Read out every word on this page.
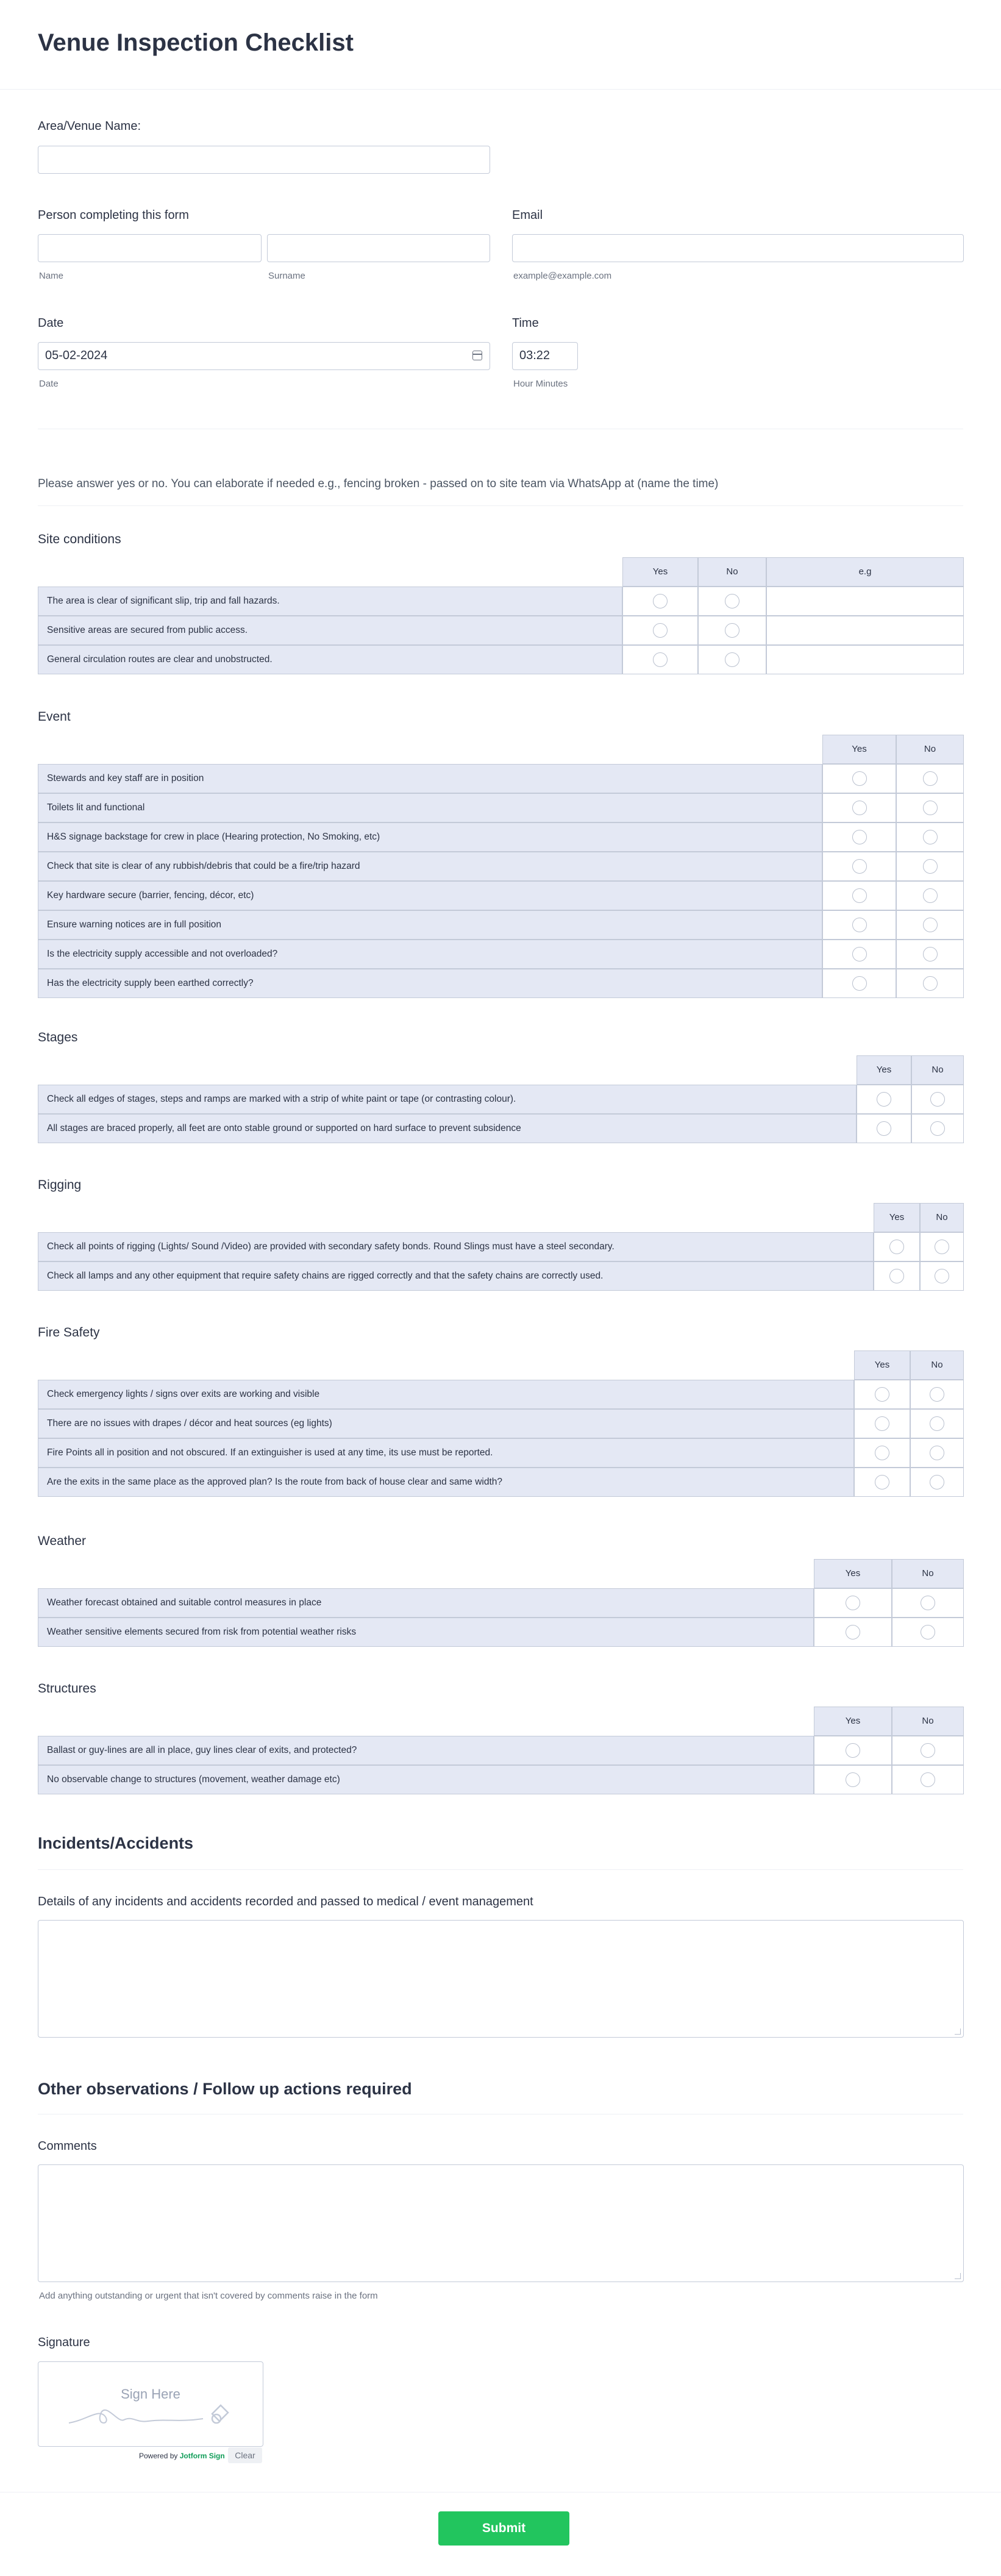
Venue Inspection Checklist
Area/Venue Name:
Person completing this form
Name	Surname
Email
example@example.com
Date
05-02-2024
Date
Time
03:22
Hour Minutes
Please answer yes or no. You can elaborate if needed e.g., fencing broken - passed on to site team via WhatsApp at (name the time)
Site conditions
Yes	No	e.g
The area is clear of significant slip, trip and fall hazards.
Sensitive areas are secured from public access.
General circulation routes are clear and unobstructed.
Event
Yes	No
Stewards and key staff are in position
Toilets lit and functional
H&S signage backstage for crew in place (Hearing protection, No Smoking, etc)
Check that site is clear of any rubbish/debris that could be a fire/trip hazard
Key hardware secure (barrier, fencing, décor, etc)
Ensure warning notices are in full position
Is the electricity supply accessible and not overloaded?
Has the electricity supply been earthed correctly?
Stages
Yes	No
Check all edges of stages, steps and ramps are marked with a strip of white paint or tape (or contrasting colour).
All stages are braced properly, all feet are onto stable ground or supported on hard surface to prevent subsidence
Rigging
Yes	No
Check all points of rigging (Lights/ Sound /Video) are provided with secondary safety bonds. Round Slings must have a steel secondary.
Check all lamps and any other equipment that require safety chains are rigged correctly and that the safety chains are correctly used.
Fire Safety
Yes	No
Check emergency lights / signs over exits are working and visible
There are no issues with drapes / décor and heat sources (eg lights)
Fire Points all in position and not obscured. If an extinguisher is used at any time, its use must be reported.
Are the exits in the same place as the approved plan? Is the route from back of house clear and same width?
Weather
Yes	No
Weather forecast obtained and suitable control measures in place
Weather sensitive elements secured from risk from potential weather risks
Structures
Yes	No
Ballast or guy-lines are all in place, guy lines clear of exits, and protected?
No observable change to structures (movement, weather damage etc)
Incidents/Accidents
Details of any incidents and accidents recorded and passed to medical / event management
Other observations / Follow up actions required
Comments
Add anything outstanding or urgent that isn't covered by comments raise in the form
Signature
Sign Here
Powered by Jotform Sign	Clear
Submit
